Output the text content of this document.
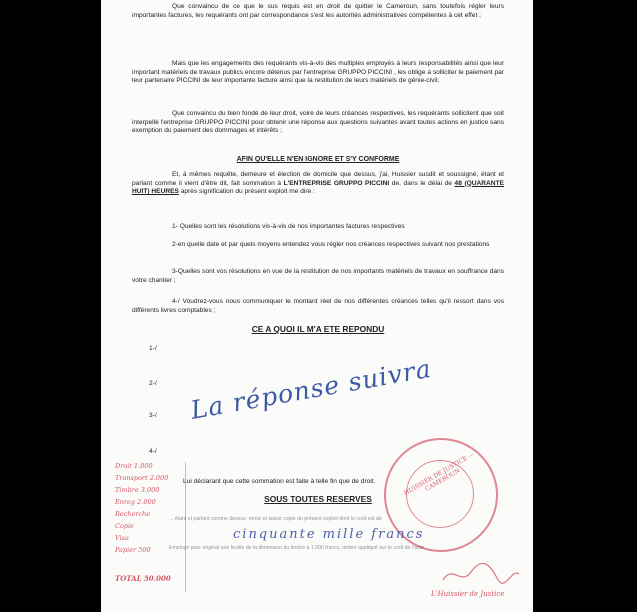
Que convaincu de ce que le sus requis est en droit de quitter le Cameroun, sans toutefois régler leurs importantes factures, les requérants ont par correspondance s'est les autorités administratives compétentes à cet effet ;
Mais que les engagements des requérants vis-à-vis des multiples employés à leurs responsabilités ainsi que leur important matériels de travaux publics encore détenus par l'entreprise GRUPPO PICCINI , les oblige à solliciter le paiement par leur partenaire PICCINI de leur importante facture ainsi que la restitution de leurs matériels de génie-civil;
Que convaincu du bien fondé de leur droit, voire de leurs créances respectives, les requérants sollicitent que soit interpellé l'entreprise GRUPPO PICCINI pour obtenir une réponse aux questions suivantes avant toutes actions en justice sans exemption du paiement des dommages et intérêts ;
AFIN QU'ELLE N'EN IGNORE ET S'Y CONFORME
Et, à mêmes requête, demeure et élection de domicile que dessus, j'ai, Huissier susdit et soussigné, étant et parlant comme il vient d'être dit, fait sommation à L'ENTREPRISE GRUPPO PICCINI de, dans le délai de 48 (QUARANTE HUIT) HEURES après signification du présent exploit me dire :
1- Quelles sont les résolutions vis-à-vis de nos importantes factures respectives
2-en quelle date et par quels moyens entendez vous régler nos créances respectives suivant nos prestations
3-Quelles sont vos résolutions en vue de la restitution de nos importants matériels de travaux en souffrance dans votre chantier ;
4-/ Voudrez-vous nous communiquer le montant réel de nos différentes créances telles qu'il ressort dans vos différents livres comptables ;
CE A QUOI IL M'A ETE REPONDU
1-/
2-/
3-/
4-/
La réponse suivra
HUISSIER DE JUSTICE — CAMEROUN
Lui déclarant que cette sommation est faite à telle fin que de droit.
SOUS TOUTES RESERVES
... étant et parlant comme dessus, remis et laissé copie du présent exploit dont le coût est de
cinquante mille francs
Employé pour original une feuille de la dimension du timbre à 1.000 francs, timbre appliqué sur le coût de l'acte.
Droit 1.000
Transport 2.000
Timbre 3.000
Enreg 2.000
Recherche
Copie
Visa
Papier 500
TOTAL 50.000
L'Huissier de Justice
